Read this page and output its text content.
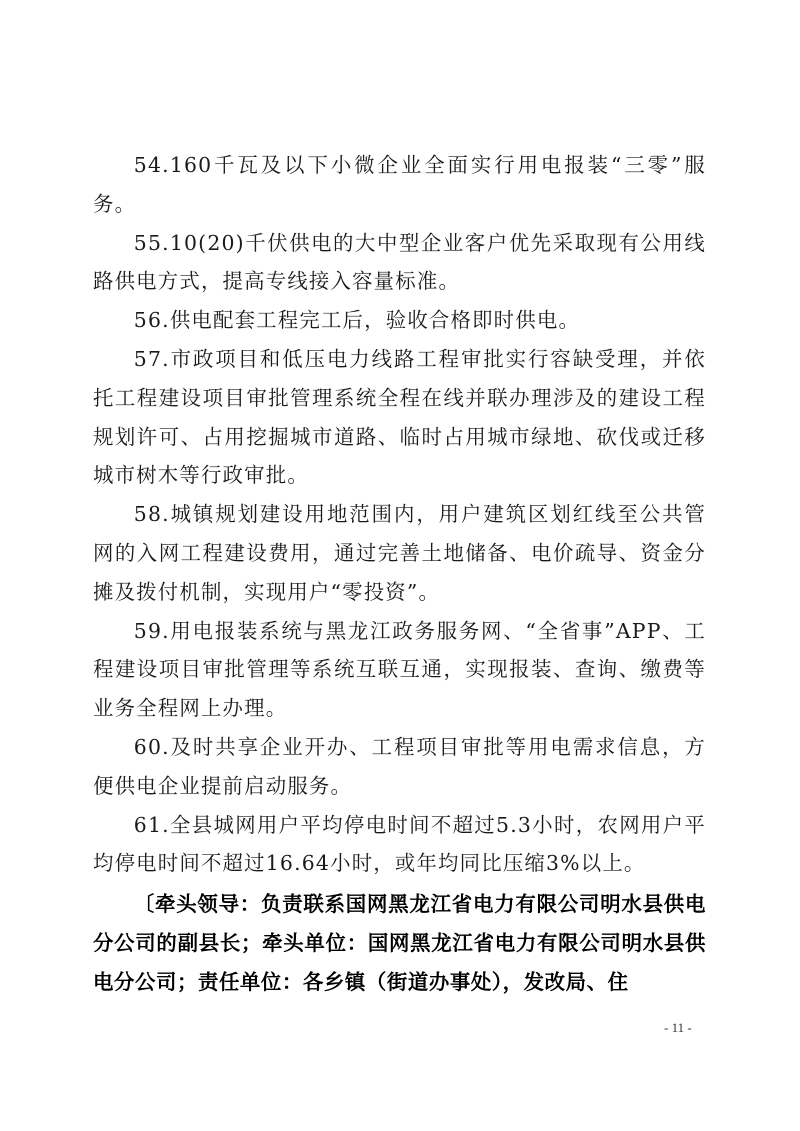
54.160千瓦及以下小微企业全面实行用电报装“三零”服务。

55.10(20)千伏供电的大中型企业客户优先采取现有公用线路供电方式，提高专线接入容量标准。

56.供电配套工程完工后，验收合格即时供电。

57.市政项目和低压电力线路工程审批实行容缺受理，并依托工程建设项目审批管理系统全程在线并联办理涉及的建设工程规划许可、占用挖掘城市道路、临时占用城市绿地、砍伐或迁移城市树木等行政审批。

58.城镇规划建设用地范围内，用户建筑区划红线至公共管网的入网工程建设费用，通过完善土地储备、电价疏导、资金分摊及拨付机制，实现用户“零投资”。

59.用电报装系统与黑龙江政务服务网、“全省事”APP、工程建设项目审批管理等系统互联互通，实现报装、查询、缴费等业务全程网上办理。

60.及时共享企业开办、工程项目审批等用电需求信息，方便供电企业提前启动服务。

61.全县城网用户平均停电时间不超过5.3小时，农网用户平均停电时间不超过16.64小时，或年均同比压缩3%以上。

〔牵头领导：负责联系国网黑龙江省电力有限公司明水县供电分公司的副县长；牵头单位：国网黑龙江省电力有限公司明水县供电分公司；责任单位：各乡镇（街道办事处），发改局、住

- 11 -
